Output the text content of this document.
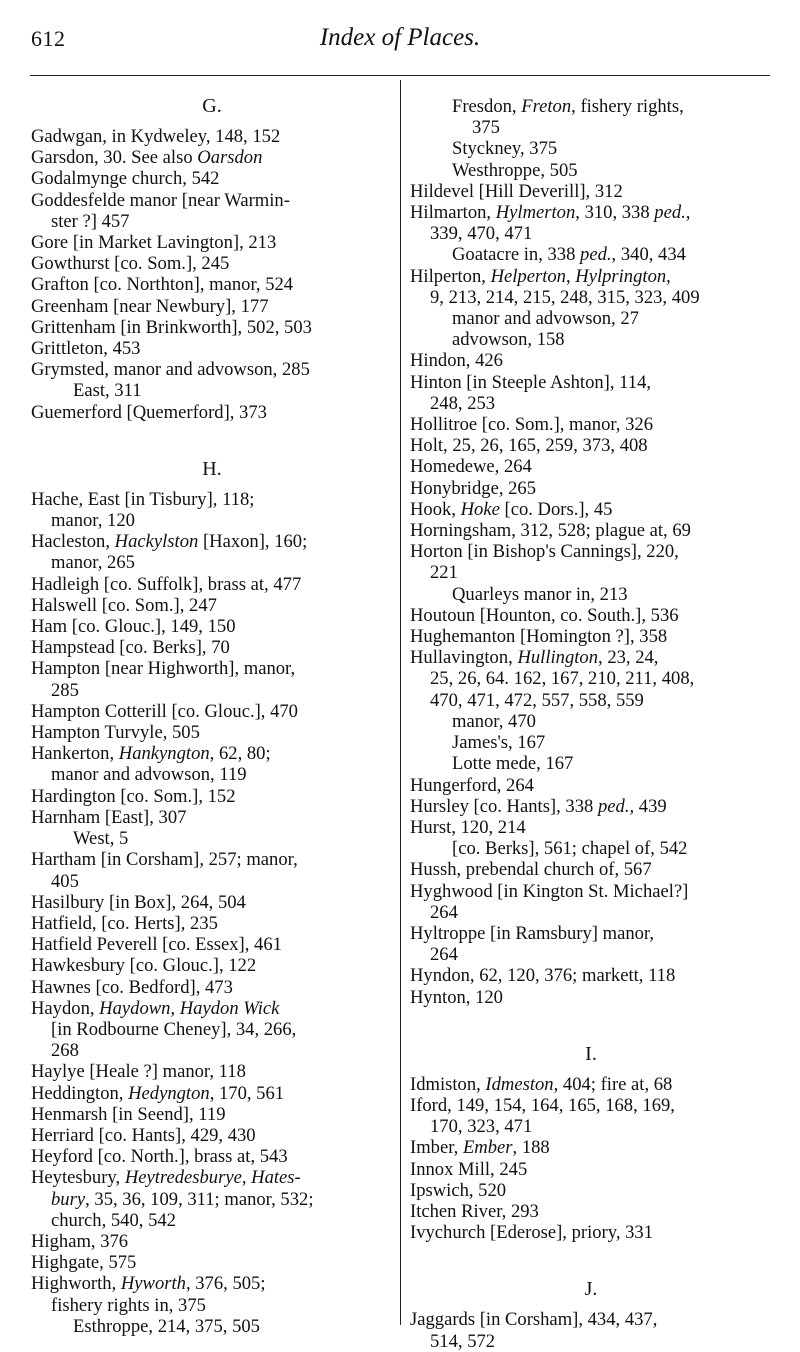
612	Index of Places.
G.
Gadwgan, in Kydweley, 148, 152
Garsdon, 30. See also Oarsdon
Godalmynge church, 542
Goddesfelde manor [near Warmin-
ster ?] 457
Gore [in Market Lavington], 213
Gowthurst [co. Som.], 245
Grafton [co. Northton], manor, 524
Greenham [near Newbury], 177
Grittenham [in Brinkworth], 502, 503
Grittleton, 453
Grymsted, manor and advowson, 285
East, 311
Guemerford [Quemerford], 373
H.
Hache, East [in Tisbury], 118;
manor, 120
Hacleston, Hackylston [Haxon], 160;
manor, 265
Hadleigh [co. Suffolk], brass at, 477
Halswell [co. Som.], 247
Ham [co. Glouc.], 149, 150
Hampstead [co. Berks], 70
Hampton [near Highworth], manor,
285
Hampton Cotterill [co. Glouc.], 470
Hampton Turvyle, 505
Hankerton, Hankyngton, 62, 80;
manor and advowson, 119
Hardington [co. Som.], 152
Harnham [East], 307
West, 5
Hartham [in Corsham], 257; manor,
405
Hasilbury [in Box], 264, 504
Hatfield, [co. Herts], 235
Hatfield Peverell [co. Essex], 461
Hawkesbury [co. Glouc.], 122
Hawnes [co. Bedford], 473
Haydon, Haydown, Haydon Wick
[in Rodbourne Cheney], 34, 266,
268
Haylye [Heale ?] manor, 118
Heddington, Hedyngton, 170, 561
Henmarsh [in Seend], 119
Herriard [co. Hants], 429, 430
Heyford [co. North.], brass at, 543
Heytesbury, Heytredesburye, Hates-
bury, 35, 36, 109, 311; manor, 532;
church, 540, 542
Higham, 376
Highgate, 575
Highworth, Hyworth, 376, 505;
fishery rights in, 375
Esthroppe, 214, 375, 505
Fresdon, Freton, fishery rights,
375
Styckney, 375
Westhroppe, 505
Hildevel [Hill Deverill], 312
Hilmarton, Hylmerton, 310, 338 ped.,
339, 470, 471
Goatacre in, 338 ped., 340, 434
Hilperton, Helperton, Hylprington,
9, 213, 214, 215, 248, 315, 323, 409
manor and advowson, 27
advowson, 158
Hindon, 426
Hinton [in Steeple Ashton], 114,
248, 253
Hollitroe [co. Som.], manor, 326
Holt, 25, 26, 165, 259, 373, 408
Homedewe, 264
Honybridge, 265
Hook, Hoke [co. Dors.], 45
Horningsham, 312, 528; plague at, 69
Horton [in Bishop's Cannings], 220,
221
Quarleys manor in, 213
Houtoun [Hounton, co. South.], 536
Hughemanton [Homington ?], 358
Hullavington, Hullington, 23, 24,
25, 26, 64. 162, 167, 210, 211, 408,
470, 471, 472, 557, 558, 559
manor, 470
James's, 167
Lotte mede, 167
Hungerford, 264
Hursley [co. Hants], 338 ped., 439
Hurst, 120, 214
[co. Berks], 561; chapel of, 542
Hussh, prebendal church of, 567
Hyghwood [in Kington St. Michael?]
264
Hyltroppe [in Ramsbury] manor,
264
Hyndon, 62, 120, 376; markett, 118
Hynton, 120
I.
Idmiston, Idmeston, 404; fire at, 68
Iford, 149, 154, 164, 165, 168, 169,
170, 323, 471
Imber, Ember, 188
Innox Mill, 245
Ipswich, 520
Itchen River, 293
Ivychurch [Ederose], priory, 331
J.
Jaggards [in Corsham], 434, 437,
514, 572
